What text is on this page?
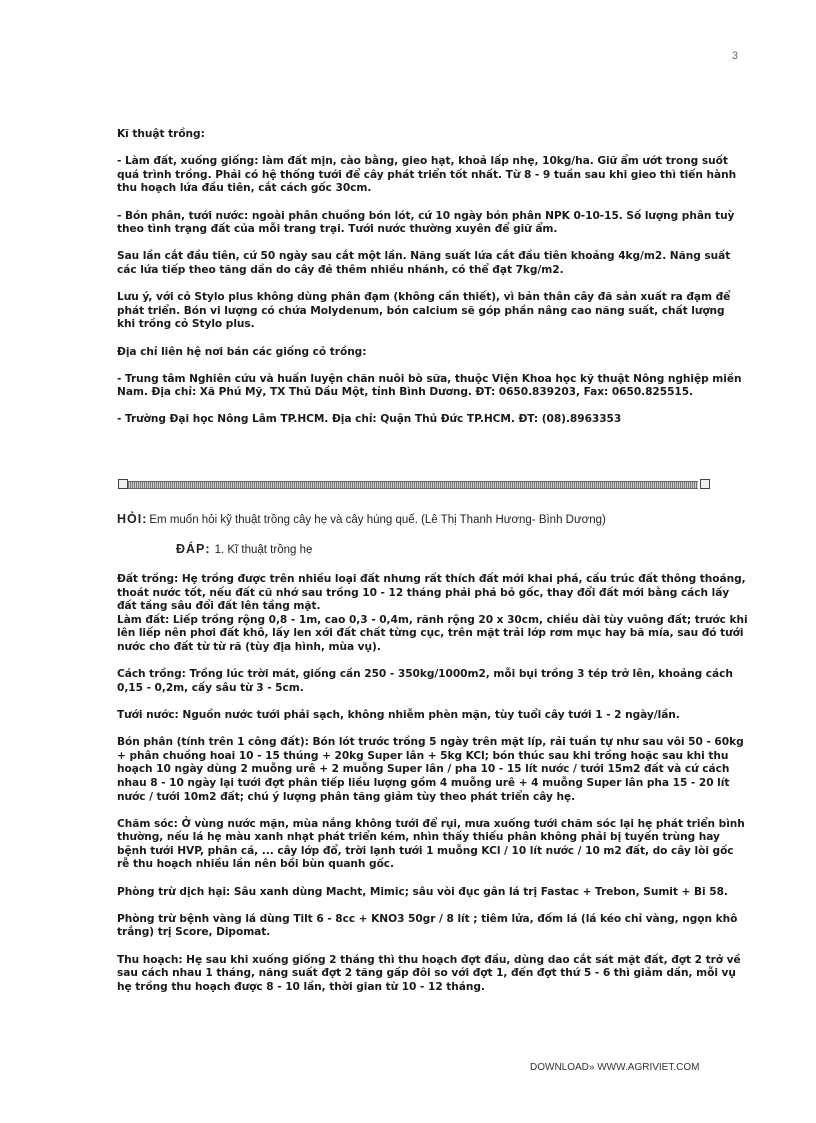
3

Kĩ thuật trồng:

- Làm đất, xuống giống: làm đất mịn, cào bằng, gieo hạt, khoả lấp nhẹ, 10kg/ha. Giữ ẩm ướt trong suốt quá trình trồng. Phải có hệ thống tưới để cây phát triển tốt nhất. Từ 8 - 9 tuần sau khi gieo thì tiến hành thu hoạch lứa đầu tiên, cắt cách gốc 30cm.

- Bón phân, tưới nước: ngoài phân chuồng bón lót, cứ 10 ngày bón phân NPK 0-10-15. Số lượng phân tuỳ theo tình trạng đất của mỗi trang trại. Tưới nước thường xuyên để giữ ẩm.

Sau lần cắt đầu tiên, cứ 50 ngày sau cắt một lần. Năng suất lứa cắt đầu tiên khoảng 4kg/m2. Năng suất các lứa tiếp theo tăng dần do cây đẻ thêm nhiều nhánh, có thể đạt 7kg/m2.

Lưu ý, với cỏ Stylo plus không dùng phân đạm (không cần thiết), vì bản thân cây đã sản xuất ra đạm để phát triển. Bón vi lượng có chứa Molydenum, bón calcium sẽ góp phần nâng cao năng suất, chất lượng khi trồng cỏ Stylo plus.

Địa chỉ liên hệ nơi bán các giống cỏ trồng:

- Trung tâm Nghiên cứu và huấn luyện chăn nuôi bò sữa, thuộc Viện Khoa học kỹ thuật Nông nghiệp miền Nam. Địa chỉ: Xã Phú Mỹ, TX Thủ Dầu Một, tỉnh Bình Dương. ĐT: 0650.839203, Fax: 0650.825515.

- Trường Đại học Nông Lâm TP.HCM. Địa chỉ: Quận Thủ Đức TP.HCM. ĐT: (08).8963353

HỎI: Em muốn hỏi kỹ thuật trồng cây hẹ và cây húng quế. (Lê Thị Thanh Hương- Bình Dương)
ĐÁP: 1. Kĩ thuật trồng hẹ

Đất trồng: Hẹ trồng được trên nhiều loại đất nhưng rất thích đất mới khai phá, cấu trúc đất thông thoáng, thoát nước tốt, nếu đất cũ nhớ sau trồng 10 - 12 tháng phải phá bỏ gốc, thay đổi đất mới bằng cách lấy đất tầng sâu đổi đất lên tầng mặt.

Làm đất: Liếp trồng rộng 0,8 - 1m, cao 0,3 - 0,4m, rãnh rộng 20 x 30cm, chiều dài tùy vuông đất; trước khi lên liếp nên phơi đất khô, lấy len xới đất chất từng cục, trên mặt trải lớp rơm mục hay bã mía, sau đó tưới nước cho đất từ từ rã (tùy địa hình, mùa vụ).

Cách trồng: Trồng lúc trời mát, giống cần 250 - 350kg/1000m2, mỗi bụi trồng 3 tép trở lên, khoảng cách 0,15 - 0,2m, cấy sâu từ 3 - 5cm.

Tưới nước: Nguồn nước tưới phải sạch, không nhiễm phèn mặn, tùy tuổi cây tưới 1 - 2 ngày/lần.

Bón phân (tính trên 1 công đất): Bón lót trước trồng 5 ngày trên mặt líp, rải tuần tự như sau vôi 50 - 60kg + phân chuồng hoai 10 - 15 thúng + 20kg Super lân + 5kg KCl; bón thúc sau khi trồng hoặc sau khi thu hoạch 10 ngày dùng 2 muỗng urê + 2 muỗng Super lân / pha 10 - 15 lít nước / tưới 15m2 đất và cứ cách nhau 8 - 10 ngày lại tưới đợt phân tiếp liều lượng gồm 4 muỗng urê + 4 muỗng Super lân pha 15 - 20 lít nước / tưới 10m2 đất; chú ý lượng phân tăng giảm tùy theo phát triển cây hẹ.

Chăm sóc: Ở vùng nước mặn, mùa nắng không tưới để rụi, mưa xuống tưới chăm sóc lại hẹ phát triển bình thường, nếu lá hẹ màu xanh nhạt phát triển kém, nhìn thấy thiếu phân không phải bị tuyến trùng hay bệnh tưới HVP, phân cá, ... cây lớp đổ, trời lạnh tưới 1 muỗng KCl / 10 lít nước / 10 m2 đất, do cây lòi gốc rễ thu hoạch nhiều lần nên bồi bùn quanh gốc.

Phòng trừ dịch hại: Sâu xanh dùng Macht, Mimic; sâu vòi đục gân lá trị Fastac + Trebon, Sumit + Bi 58.

Phòng trừ bệnh vàng lá dùng Tilt 6 - 8cc + KNO3 50gr / 8 lít ; tiêm lửa, đốm lá (lá kéo chỉ vàng, ngọn khô trắng) trị Score, Dipomat.

Thu hoạch: Hẹ sau khi xuống giống 2 tháng thì thu hoạch đợt đầu, dùng dao cắt sát mặt đất, đợt 2 trở về sau cách nhau 1 tháng, năng suất đợt 2 tăng gấp đôi so với đợt 1, đến đợt thứ 5 - 6 thì giảm dần, mỗi vụ hẹ trồng thu hoạch được 8 - 10 lần, thời gian từ 10 - 12 tháng.

DOWNLOAD» WWW.AGRIVIET.COM
